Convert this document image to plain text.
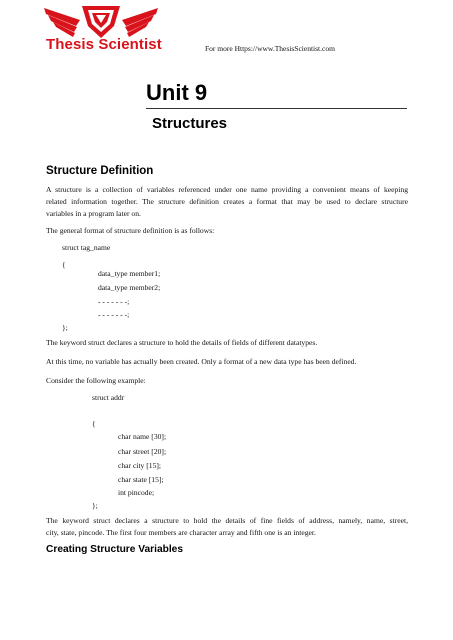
Thesis Scientist	For more Https://www.ThesisScientist.com
Unit 9
Structures
Structure Definition
A structure is a collection of variables referenced under one name providing a convenient means of keeping
related information together. The structure definition creates a format that may be used to declare structure
variables in a program later on.
The general format of structure definition is as follows:
struct tag_name
{
data_type member1;
data_type member2;
- - - - - - -;
- - - - - - -;
};
The keyword struct declares a structure to hold the details of fields of different datatypes.
At this time, no variable has actually been created. Only a format of a new data type has been defined.
Consider the following example:
struct addr
{
char name [30];
char street [20];
char city [15];
char state [15];
int pincode;
};
The keyword struct declares a structure to hold the details of fine fields of address, namely, name, street,
city, state, pincode. The first four members are character array and fifth one is an integer.
Creating Structure Variables
